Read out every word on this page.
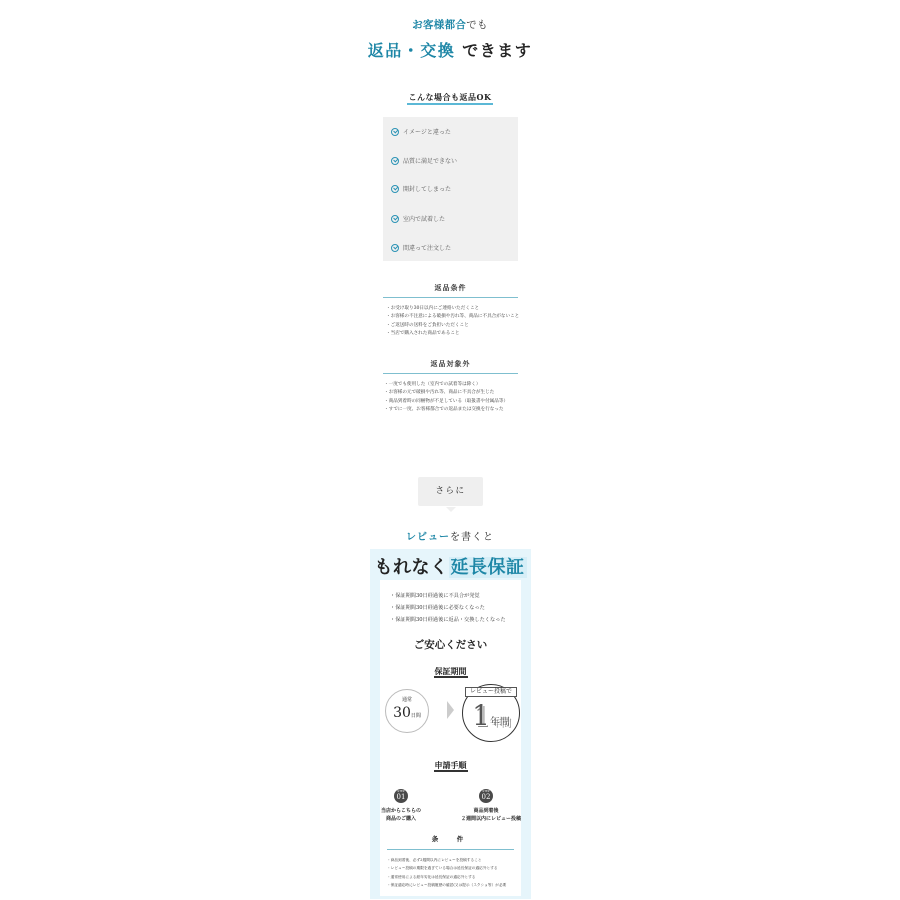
お客様都合でも
返品・交換 できます
こんな場合も返品OK
イメージと違った
品質に満足できない
開封してしまった
室内で試着した
間違って注文した
返品条件
・お受け取り30日以内にご連絡いただくこと
・お客様の不注意による破損や汚れ等、商品に不具合がないこと
・ご返送時の送料をご負担いただくこと
・当店で購入された商品であること
返品対象外
・一度でも使用した（室内での試着等は除く）
・お客様の元で破損や汚れ等、商品に不具合が生じた
・商品到着時の同梱物が不足している（取扱書や付属品等）
・すでに一度、お客様都合での返品または交換を行なった
さらに
レビューを書くと
もれなく 延長保証
・保証期間30日経過後に不具合が発覚
・保証期間30日経過後に必要なくなった
・保証期間30日経過後に返品・交換したくなった
ご安心ください
保証期間
通常
30日間
レビュー投稿で
1年間
申請手順
STEP
01
STEP
02
当店からこちらの
商品のご購入
商品到着後
２週間以内にレビュー投稿
条　件
・商品到着後、必ず2週間以内にレビューを投稿すること
・レビュー投稿の期限を過ぎている場合は延長保証の適応外とする
・通常使用による経年劣化は延長保証の適応外とする
・保証適応時にレビュー投稿履歴の確認(又は提示（スクショ等）が必要
